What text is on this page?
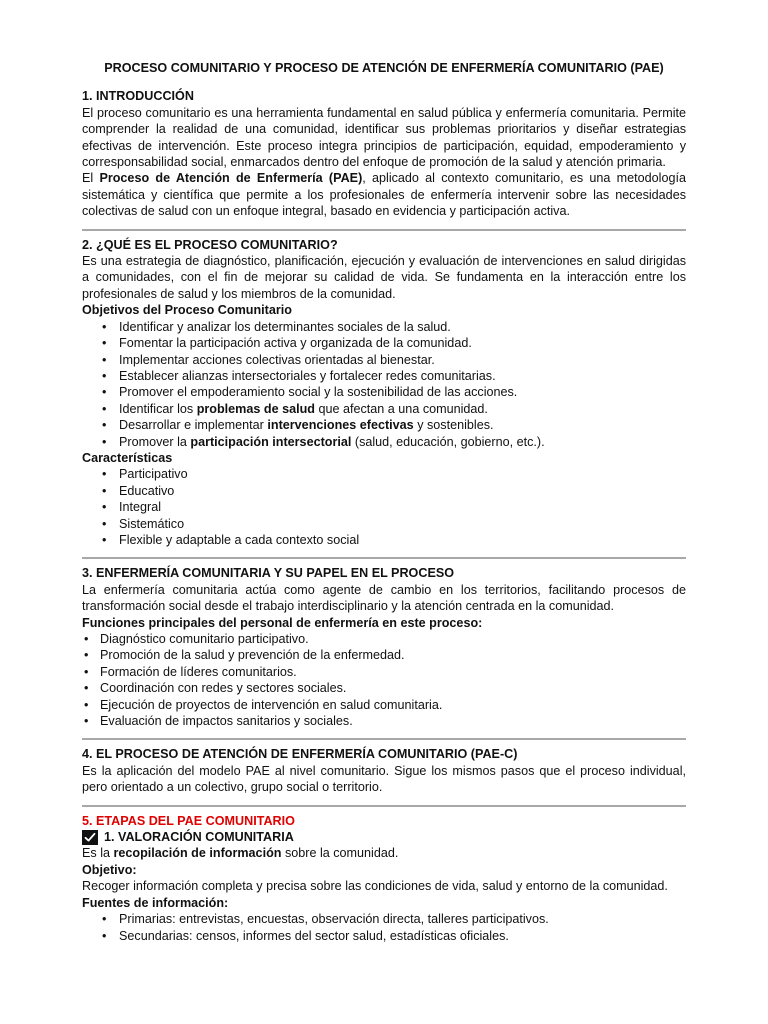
PROCESO COMUNITARIO Y PROCESO DE ATENCIÓN DE ENFERMERÍA COMUNITARIO (PAE)
1. INTRODUCCIÓN

El proceso comunitario es una herramienta fundamental en salud pública y enfermería comunitaria. Permite comprender la realidad de una comunidad, identificar sus problemas prioritarios y diseñar estrategias efectivas de intervención. Este proceso integra principios de participación, equidad, empoderamiento y corresponsabilidad social, enmarcados dentro del enfoque de promoción de la salud y atención primaria.

El Proceso de Atención de Enfermería (PAE), aplicado al contexto comunitario, es una metodología sistemática y científica que permite a los profesionales de enfermería intervenir sobre las necesidades colectivas de salud con un enfoque integral, basado en evidencia y participación activa.

2. ¿QUÉ ES EL PROCESO COMUNITARIO?

Es una estrategia de diagnóstico, planificación, ejecución y evaluación de intervenciones en salud dirigidas a comunidades, con el fin de mejorar su calidad de vida. Se fundamenta en la interacción entre los profesionales de salud y los miembros de la comunidad.

Objetivos del Proceso Comunitario
• Identificar y analizar los determinantes sociales de la salud.
• Fomentar la participación activa y organizada de la comunidad.
• Implementar acciones colectivas orientadas al bienestar.
• Establecer alianzas intersectoriales y fortalecer redes comunitarias.
• Promover el empoderamiento social y la sostenibilidad de las acciones.
• Identificar los problemas de salud que afectan a una comunidad.
• Desarrollar e implementar intervenciones efectivas y sostenibles.
• Promover la participación intersectorial (salud, educación, gobierno, etc.).
Características
• Participativo
• Educativo
• Integral
• Sistemático
• Flexible y adaptable a cada contexto social
3. ENFERMERÍA COMUNITARIA Y SU PAPEL EN EL PROCESO

La enfermería comunitaria actúa como agente de cambio en los territorios, facilitando procesos de transformación social desde el trabajo interdisciplinario y la atención centrada en la comunidad.

Funciones principales del personal de enfermería en este proceso:
• Diagnóstico comunitario participativo.
• Promoción de la salud y prevención de la enfermedad.
• Formación de líderes comunitarios.
• Coordinación con redes y sectores sociales.
• Ejecución de proyectos de intervención en salud comunitaria.
• Evaluación de impactos sanitarios y sociales.
4. EL PROCESO DE ATENCIÓN DE ENFERMERÍA COMUNITARIO (PAE-C)

Es la aplicación del modelo PAE al nivel comunitario. Sigue los mismos pasos que el proceso individual, pero orientado a un colectivo, grupo social o territorio.

5. ETAPAS DEL PAE COMUNITARIO
1. VALORACIÓN COMUNITARIA

Es la recopilación de información sobre la comunidad.

Objetivo:

Recoger información completa y precisa sobre las condiciones de vida, salud y entorno de la comunidad.

Fuentes de información:
• Primarias: entrevistas, encuestas, observación directa, talleres participativos.
• Secundarias: censos, informes del sector salud, estadísticas oficiales.
